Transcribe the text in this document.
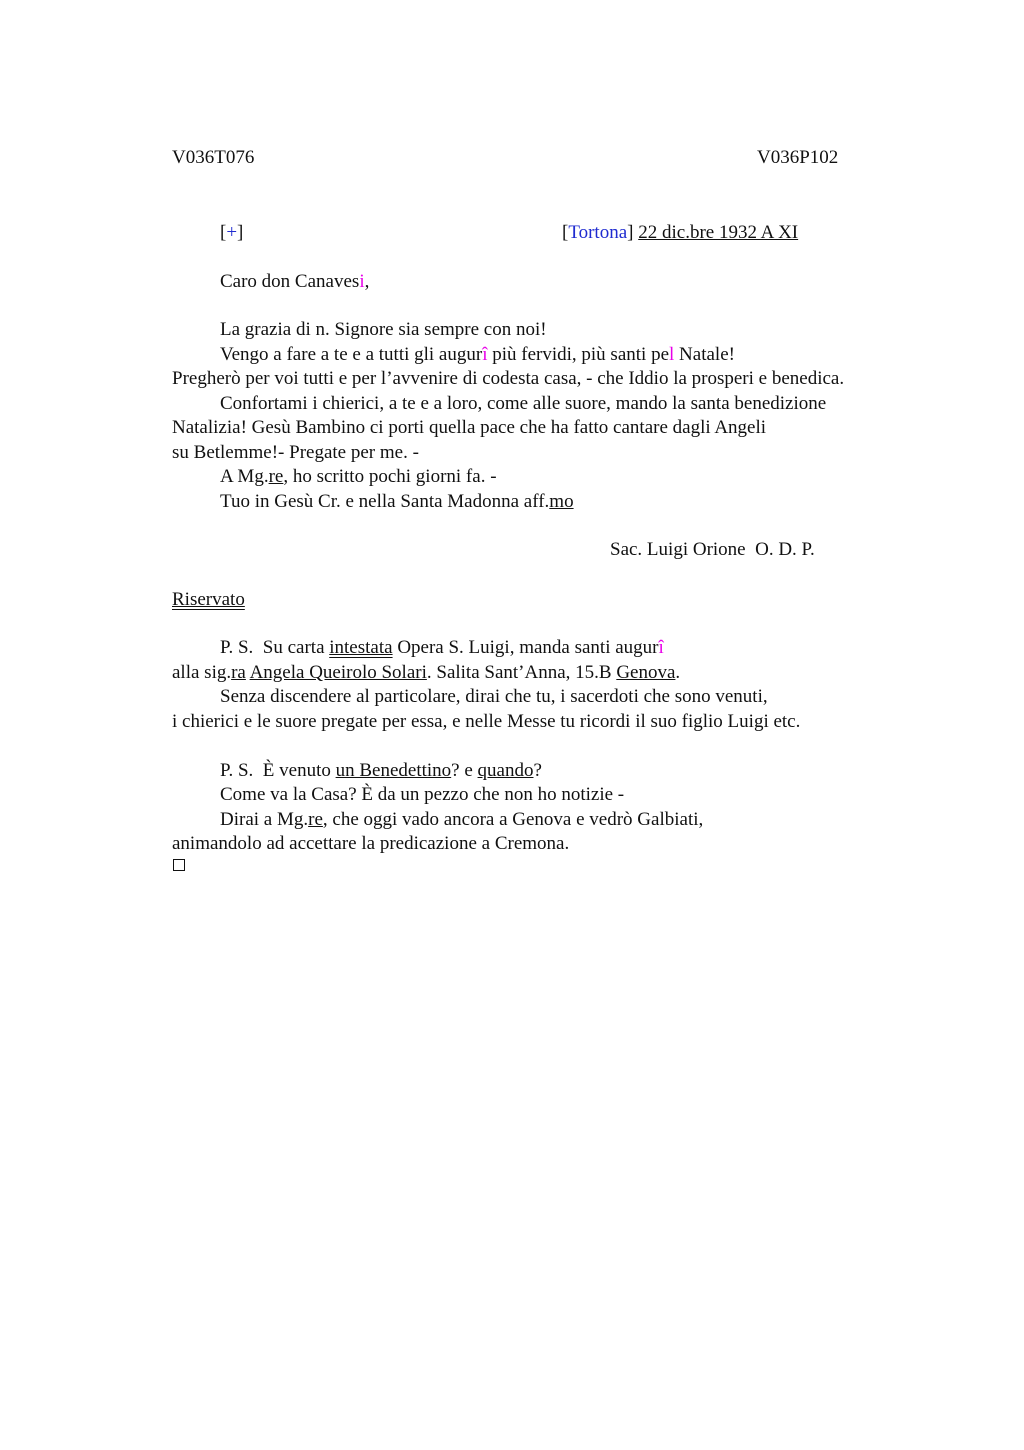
V036T076	V036P102
[+]	[Tortona] 22 dic.bre 1932 A XI
Caro don Canavesi,
La grazia di n. Signore sia sempre con noi!
Vengo a fare a te e a tutti gli augurî più fervidi, più santi pel Natale!
Pregherò per voi tutti e per l’avvenire di codesta casa, - che Iddio la prosperi e benedica.
Confortami i chierici, a te e a loro, come alle suore, mando la santa benedizione
Natalizia! Gesù Bambino ci porti quella pace che ha fatto cantare dagli Angeli
su Betlemme!- Pregate per me. -
A Mg.re, ho scritto pochi giorni fa. -
Tuo in Gesù Cr. e nella Santa Madonna aff.mo
Sac. Luigi Orione  O. D. P.
Riservato
P. S.  Su carta intestata Opera S. Luigi, manda santi augurî
alla sig.ra Angela Queirolo Solari. Salita Sant’Anna, 15.B Genova.
Senza discendere al particolare, dirai che tu, i sacerdoti che sono venuti,
i chierici e le suore pregate per essa, e nelle Messe tu ricordi il suo figlio Luigi etc.
P. S.  È venuto un Benedettino? e quando?
Come va la Casa? È da un pezzo che non ho notizie -
Dirai a Mg.re, che oggi vado ancora a Genova e vedrò Galbiati,
animandolo ad accettare la predicazione a Cremona.
